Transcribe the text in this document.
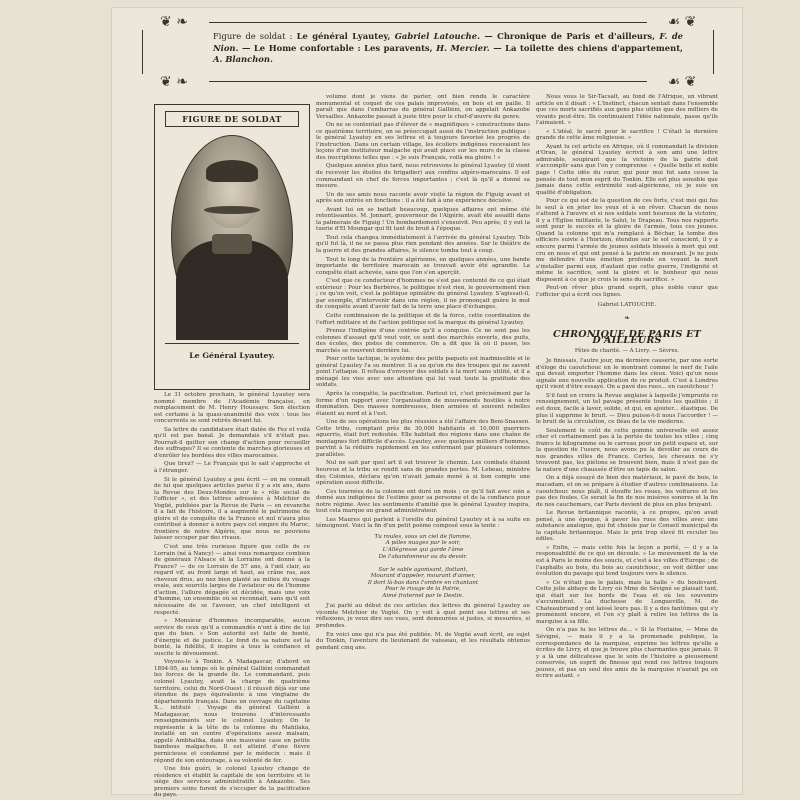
❦ ❧	☙ ❦
❦ ❧	☙ ❦
Figure de soldat : Le général Lyautey, Gabriel Latouche. — Chronique de Paris et d'ailleurs, F. de Nion. — Le Home confortable : Les paravents, H. Mercier. — La toilette des chiens d'appartement, A. Blanchon.
FIGURE DE SOLDAT
Le Général Lyautey.

Le 31 octobre prochain, le général Lyautey sera nommé membre de l'Académie française, en remplacement de M. Henry Houssaye. Son élection est certaine à la quasi-unanimité des voix : tous les concurrents se sont retirés devant lui.

Sa lettre de candidature était datée de Fez et voilà qu'il est pas banal. Je demandais s'il n'était pas. Pourrait-il quitter son champ d'action pour recueillir des suffrages? Il se contente de marches glorieuses et d'enrôler les bordées des villes marocaines.

Que tirez? — Le Français qui le sait s'approche et à l'étranger.

Si le général Lyautey a peu écrit — on ne connaît de lui que quelques articles parus il y a six ans, dans la Revue des Deux-Mondes sur le « rôle social de l'officier », et des lettres adressées à Melchior de Vogüé, publiées par la Revue de Paris — en revanche il a fait de l'histoire, il a augmenté le patrimoine de gloire et de conquête de la France et nul n'aura plus contribué à donner à notre pays cet empire du Maroc, frontière de notre Algérie, que nous ne pouvions laisser occuper par des rivaux.

C'est une très curieuse figure que celle de ce Lorrain (né à Nancy) — ainsi vous remarquez combien de généraux l'Alsace et la Lorraine ont donné à la France? — de ce Lorrain de 57 ans, à l'œil clair, au regard vif, au front large et haut, au crâne ras, aux cheveux drus, au nez bien planté au milieu du visage ovale, aux sourcils larges de l'aviateur ou de l'homme d'action, l'allure dégagée et décidée, mais une voix d'homme, un ensemble où se reconnaît, sans qu'il soit nécessaire de se l'avouer, un chef intelligent et respecté.

« Monsieur d'hommes incomparable, aucun service de ceux qu'il a commandés n'ont à dire de lui que du bien. » Son autorité est faite de bonté, d'énergie et de justice. Le fond de sa nature est la bonté, la fidélité, il inspire à tous la confiance et suscite le dévouement.

Voyons-le à Tonkin. A Madagascar, d'abord en 1894-95, au temps où le général Galliéni commandait les forces de la grande île. Le commandant, puis colonel Lyautey, avait la charge de quatrième territoire, celui du Nord-Ouest ; il réussit déjà sur une étendue de pays équivalente à une vingtaine de départements français. Dans un ouvrage du capitaine X... intitulé : Voyage du général Galliéni à Madagascar, nous trouvons d'intéressants renseignements sur le colonel Lyautey. On le représente à la tête de la colonne du Mahilaka, installé en un centre d'opérations assez malsain, appelé Ambhalika, dans une mauvaise case en petite bambous malgaches. Il est atteint d'une fièvre pernicieuse et condamné par le médecin : mais il répond de son entourage, à sa volonté de fer.

Une fois guéri, le colonel Lyautey change de résidence et établit la capitale de son territoire et le siège des services administratifs à Ankazobe. Ses premiers soins furent de s'occuper de la pacification du pays.

volume dont je viens de parler, ont bien rendu le caractère monumental et coquet de ces palais improvisés, en bois et en paille. Il paraît que dans l'embarras du général Galliéni, on appelait Ankazobe Versailles. Ankazobe passait à juste titre pour le chef-d'œuvre du genre.

On ne se contentait pas d'élever de « magnifiques » constructions dans ce quatrième territoire, on se préoccupait aussi de l'instruction publique ; le général Lyautey en ses lettres et à toujours favorisé les progrès de l'instruction. Dans un certain village, les écoliers indigènes recevaient les leçons d'un instituteur malgache qui avait placé sur les murs de la classe des inscriptions telles que : « Je suis Français, voilà ma gloire ! »

Quelques années plus tard, nous retrouvons le général Lyautey (il vient de recevoir les étoiles de brigadier) aux confins algéro-marocains. Il est commandant en chef de forces importantes ; c'est là qu'il a donné sa mesure.

Un de ses amis nous raconte avoir visité la région de Figuig avant et après son entrée en fonctions : il a été fait à une expérience décisive.

Avant lui on se battait beaucoup, quelques affaires ont même été retentissantes. M. Jonnart, gouverneur de l'Algérie, avait été assailli dans la palmeraie de Figuig ! Un bombardement s'ensuivit. Peu après, il y eut la tuerie d'El Moungar qui fit tant de bruit à l'époque.

Tout cela changea immédiatement à l'arrivée du général Lyautey. Tels qu'il fut là, il ne se passa plus rien pendant des années. Sur le théâtre de la guerre et des grandes affaires, le silence tomba tout à coup.

Tout le long de la frontière algérienne, en quelques années, une bande importante de territoire marocain se trouvait avoir été agrandie. La conquête était achevée, sans que l'on s'en aperçût.

C'est que ce conducteur d'hommes ne s'est pas contenté de ce qui était extérieur : Pour les Berbères, le politique n'est rien, le gouvernement rien ; ce qu'on voit, c'est la politique opiniâtre du général Lyautey. S'agissait-il, par exemple, d'intervenir dans une région, il ne prononçait guère le mot de conquête avant d'avoir fait de la terre une place d'échanges.

Cette combinaison de la politique et de la force, cette coordination de l'effort militaire et de l'action politique est la marque du général Lyautey.

Prenez l'indigène d'une contrée qu'il a conquise. Ce ne sont pas les colonnes d'assaut qu'il veut voir, ce sont des marchés ouverts, des puits, des écoles, des pistes de commerce. On a dit que là où il passe, les marchés se rouvrent derrière lui.

Pour cette tactique, le système des petits paquets est inadmissible et le général Lyautey l'a su montrer. Il a su qu'on rie des troupes qui ne savent point l'attaque. Il refusa d'envoyer des soldats à la mort sans utilité, et il a ménagé les vies avec une attention qui lui vaut toute la gratitude des soldats.

Après la conquête, la pacification. Partout ici, c'est précisément par la forme d'un rapport avec l'organisation de mouvements hostiles à notre domination. Des masses nombreuses, bien armées et souvent rebelles étaient au nord et à l'est.

Une de ses opérations les plus réussies a été l'affaire des Beni-Snassen. Cette tribu, comptant près de 30,000 habitants et 10,000 guerriers aguerris, était fort redoutée. Elle habitait des régions dans une chaîne de montagnes fort difficile d'accès. Lyautey, avec quelques milliers d'hommes, parvint à la réduire rapidement en les enfermant par plusieurs colonnes parallèles.

Nul ne sait par quel art il sut trouver le chemin. Les combats étaient heureux et la tribu se rendit sans de grandes pertes. M. Lebeau, ministre des Colonies, déclara qu'on n'avait jamais mené à si bon compte une opération aussi difficile.

Ces tournées de la colonne ont duré un mois ; ce qu'il fait avec soin a donné aux indigènes de l'estime pour sa personne et de la confiance pour notre régime. Avec les sentiments d'amitié que le général Lyautey inspira, tout cela marque un grand administrateur.

Les Maures qui parlent à l'oreille du général Lyautey et à sa suite en témoignent. Voici la fin d'un petit poème composé sous la tente :

Tu roules, sous un ciel de flamme,
A pâles nuages par le soir,
L'Allégresse qui garde l'âme
De l'abandonneur ou du devoir.

Sur le sable agonisant, flottant,
Mourant d'appeler, mourant d'aimer,
Il dort là-bas dans l'ombre en chantant
Pour le rivage de la Patrie,
Aimé fraternel par le Destin.

J'ai parlé au début de ces articles des lettres du général Lyautey au vicomte Melchior de Vogüé. On y voit à quel point ses lettres et ses réflexions, je veux dire ses vues, sont demeurées si justes, si mesurées, si profondes.

En voici une qui n'a pas été publiée. M. de Vogüé avait écrit, au sujet du Tonkin, l'aventure du lieutenant de vaisseau, et les résultats obtenus pendant cinq ans.

Nous vous le Sir-Tacsalt, au fond de l'Afrique, un vibrant article en il disait : « L'Instinct, chacun sentait dans l'ensemble que ces morts sacrifiés aux gens plus utiles que des milliers de vivants peut-être. Ils continuaient l'idée nationale, passe qu'ils l'aimaient. »

« L'idéal, le sacré pour le sacrifice ! C'était la dernière grande de cette âme religieuse. »

Ayant lu cet article en Afrique, où il commandait la division d'Oran, le général Lyautey écrivit à son ami une lettre admirable, soupirant que la victoire de la patrie doit s'accomplir sans que l'on y comprenne : « Quelle belle et noble page ! Cette idée du cœur, qui pour moi fut sans cesse la pensée de tout mon esprit du Tonkin. Elle est plus sensible que jamais dans cette extrémité sud-algérienne, où je suis en qualité d'obligation.

Pour ce qui est de la question de ces forts, c'est moi qui fus le seul à en jeter les yeux et à en rêver. Chacun de nous s'attend à l'œuvre et si nos soldats sont heureux de la victoire, il y a l'Église militante, le Salut, le Drapeau. Tous nos rapports sont pour le succès et la gloire de l'armée, tous ces jeunes. Quand la colonne qui m'a remplacé à Béchar, la tombe des officiers suivie à l'horizon, étendue sur le sol conscient, il y a encore parmi l'armée de jeunes soldats blessés à mort qui ont cru en nous et qui ont pensé à la patrie en mourant. Je ne puis me défendre d'une émotion profonde en voyant la mort s'installer parmi eux, d'autant que cette guerre, l'indignité et même le sacrifice, sont la gloire et le bonheur qui nous disposent à ce que je crois le sens du sacrifice. »

Peut-on rêver plus grand esprit, plus noble cœur que l'officier qui a écrit ces lignes.

Gabriel LATOUCHE.
❧
CHRONIQUE DE PARIS ET D'AILLEURS
Fêtes de charité. — A Livry. — Sèvres.

Je finissais, l'autre jour, ma dernière causerie, par une sorte d'éloge du caoutchouc en le montrant comme le nerf de l'aile qui devait emporter l'homme dans les cieux. Voici qu'un nous signale une nouvelle application de ce produit. C'est à Londres qu'il vient d'être essayé. On a pavé des rues... en caoutchouc !

S'il faut en croire la Revue anglaise à laquelle j'emprunte ce renseignement, un tel pavage présente toutes les qualités ; il est doux, facile à laver, solide, et qui, en ajouter... élastique. De plus il supprime le bruit. — Dieu puisse-t-il nous l'accorder ! — le bruit de la circulation, ce fléau de la vie moderne.

Seulement le coût de cette gomme universelle est assez cher et certainement pas à la portée de toutes les villes ; cinq francs le kilogramme ou le carreau pour un petit espace et, sur la question de l'usure, nous avons pu la dévoiler au cours de nos grandes villes de France. Certes, les chevaux ne s'y trouvent pas, les piétons se trouvent bien, mais il n'est pas de la nature d'une chaussée d'être un tapis de salon.

On a déjà essayé de bien des matériaux, le pavé de bois, le macadam, et on se prépare à étudier d'autres combinaisons. Le caoutchouc nous plaît, il étouffe les roues, les voitures et les pas des foules. Ce serait la fin de nos misères sonores et la fin de nos cauchemars, car Paris devient de plus en plus bruyant.

Le Revue britannique raconte, à ce propos, qu'on avait pensé, à une époque, à paver les rues des villes avec une substance analogue, qui fut choisie par le Conseil municipal de la capitale britannique. Mais le prix trop élevé fit reculer les édiles.

« Enfin, — mais cette fois la leçon a porté, — il y a la responsabilité de ce qui en découle. » Le mouvement de la vie est à Paris le moins des soucis, et c'est à les villes d'Europe ; de l'asphalte au bois, du bois au caoutchouc, on voit défiler une évolution du pavage qui tend toujours vers le silence.

« Ce n'était pas le palais, mais la halle » du boulevard. Cette jolie abbaye de Livry où Mme de Sévigné se plaisait tant, qui était sur les bords de l'eau et où les souvenirs s'accumulent. La duchesse de Longueville, M. de Chateaubriand y ont laissé leurs pas. Il y a des fantômes qui s'y promènent encore, et l'on s'y plaît à relire les lettres de la marquise à sa fille.

On n'a pas lu les lettres de... « Si la Fontaine, — Mme de Sévigné, — mais il y a la promenade publique, la correspondance de la marquise, exprime les lettres qu'elle a écrites de Livry, et que je trouve plus charmantes que jamais. Il y a là une délicatesse que le soin de l'histoire a pieusement conservée, un esprit de finesse qui rend ces lettres toujours jeunes, et pas un seul des amis de la marquise n'aurait pu en écrire autant. »
